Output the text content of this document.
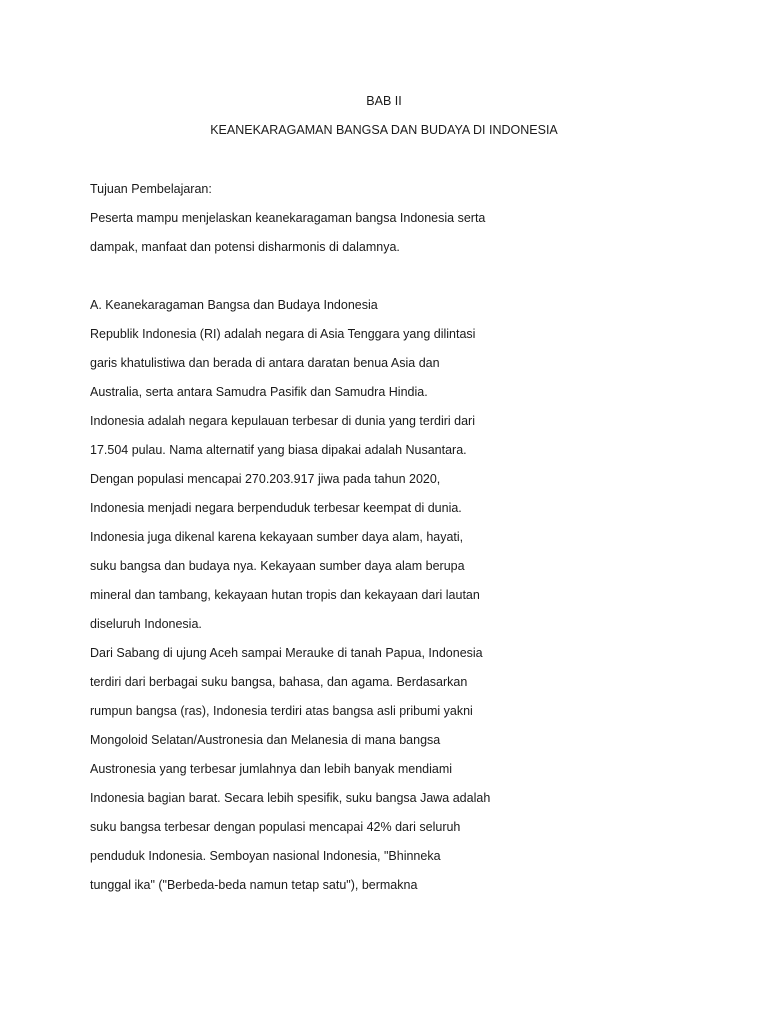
BAB II
KEANEKARAGAMAN BANGSA DAN BUDAYA DI INDONESIA
Tujuan Pembelajaran:
Peserta mampu menjelaskan keanekaragaman bangsa Indonesia serta
dampak, manfaat dan potensi disharmonis di dalamnya.
A. Keanekaragaman Bangsa dan Budaya Indonesia
Republik Indonesia (RI) adalah negara di Asia Tenggara yang dilintasi
garis khatulistiwa dan berada di antara daratan benua Asia dan
Australia, serta antara Samudra Pasifik dan Samudra Hindia.
Indonesia adalah negara kepulauan terbesar di dunia yang terdiri dari
17.504 pulau. Nama alternatif yang biasa dipakai adalah Nusantara.
Dengan populasi mencapai 270.203.917 jiwa pada tahun 2020,
Indonesia menjadi negara berpenduduk terbesar keempat di dunia.
Indonesia juga dikenal karena kekayaan sumber daya alam, hayati,
suku bangsa dan budaya nya. Kekayaan sumber daya alam berupa
mineral dan tambang, kekayaan hutan tropis dan kekayaan dari lautan
diseluruh Indonesia.
Dari Sabang di ujung Aceh sampai Merauke di tanah Papua, Indonesia
terdiri dari berbagai suku bangsa, bahasa, dan agama. Berdasarkan
rumpun bangsa (ras), Indonesia terdiri atas bangsa asli pribumi yakni
Mongoloid Selatan/Austronesia dan Melanesia di mana bangsa
Austronesia yang terbesar jumlahnya dan lebih banyak mendiami
Indonesia bagian barat. Secara lebih spesifik, suku bangsa Jawa adalah
suku bangsa terbesar dengan populasi mencapai 42% dari seluruh
penduduk Indonesia. Semboyan nasional Indonesia, "Bhinneka
tunggal ika" ("Berbeda-beda namun tetap satu"), bermakna
